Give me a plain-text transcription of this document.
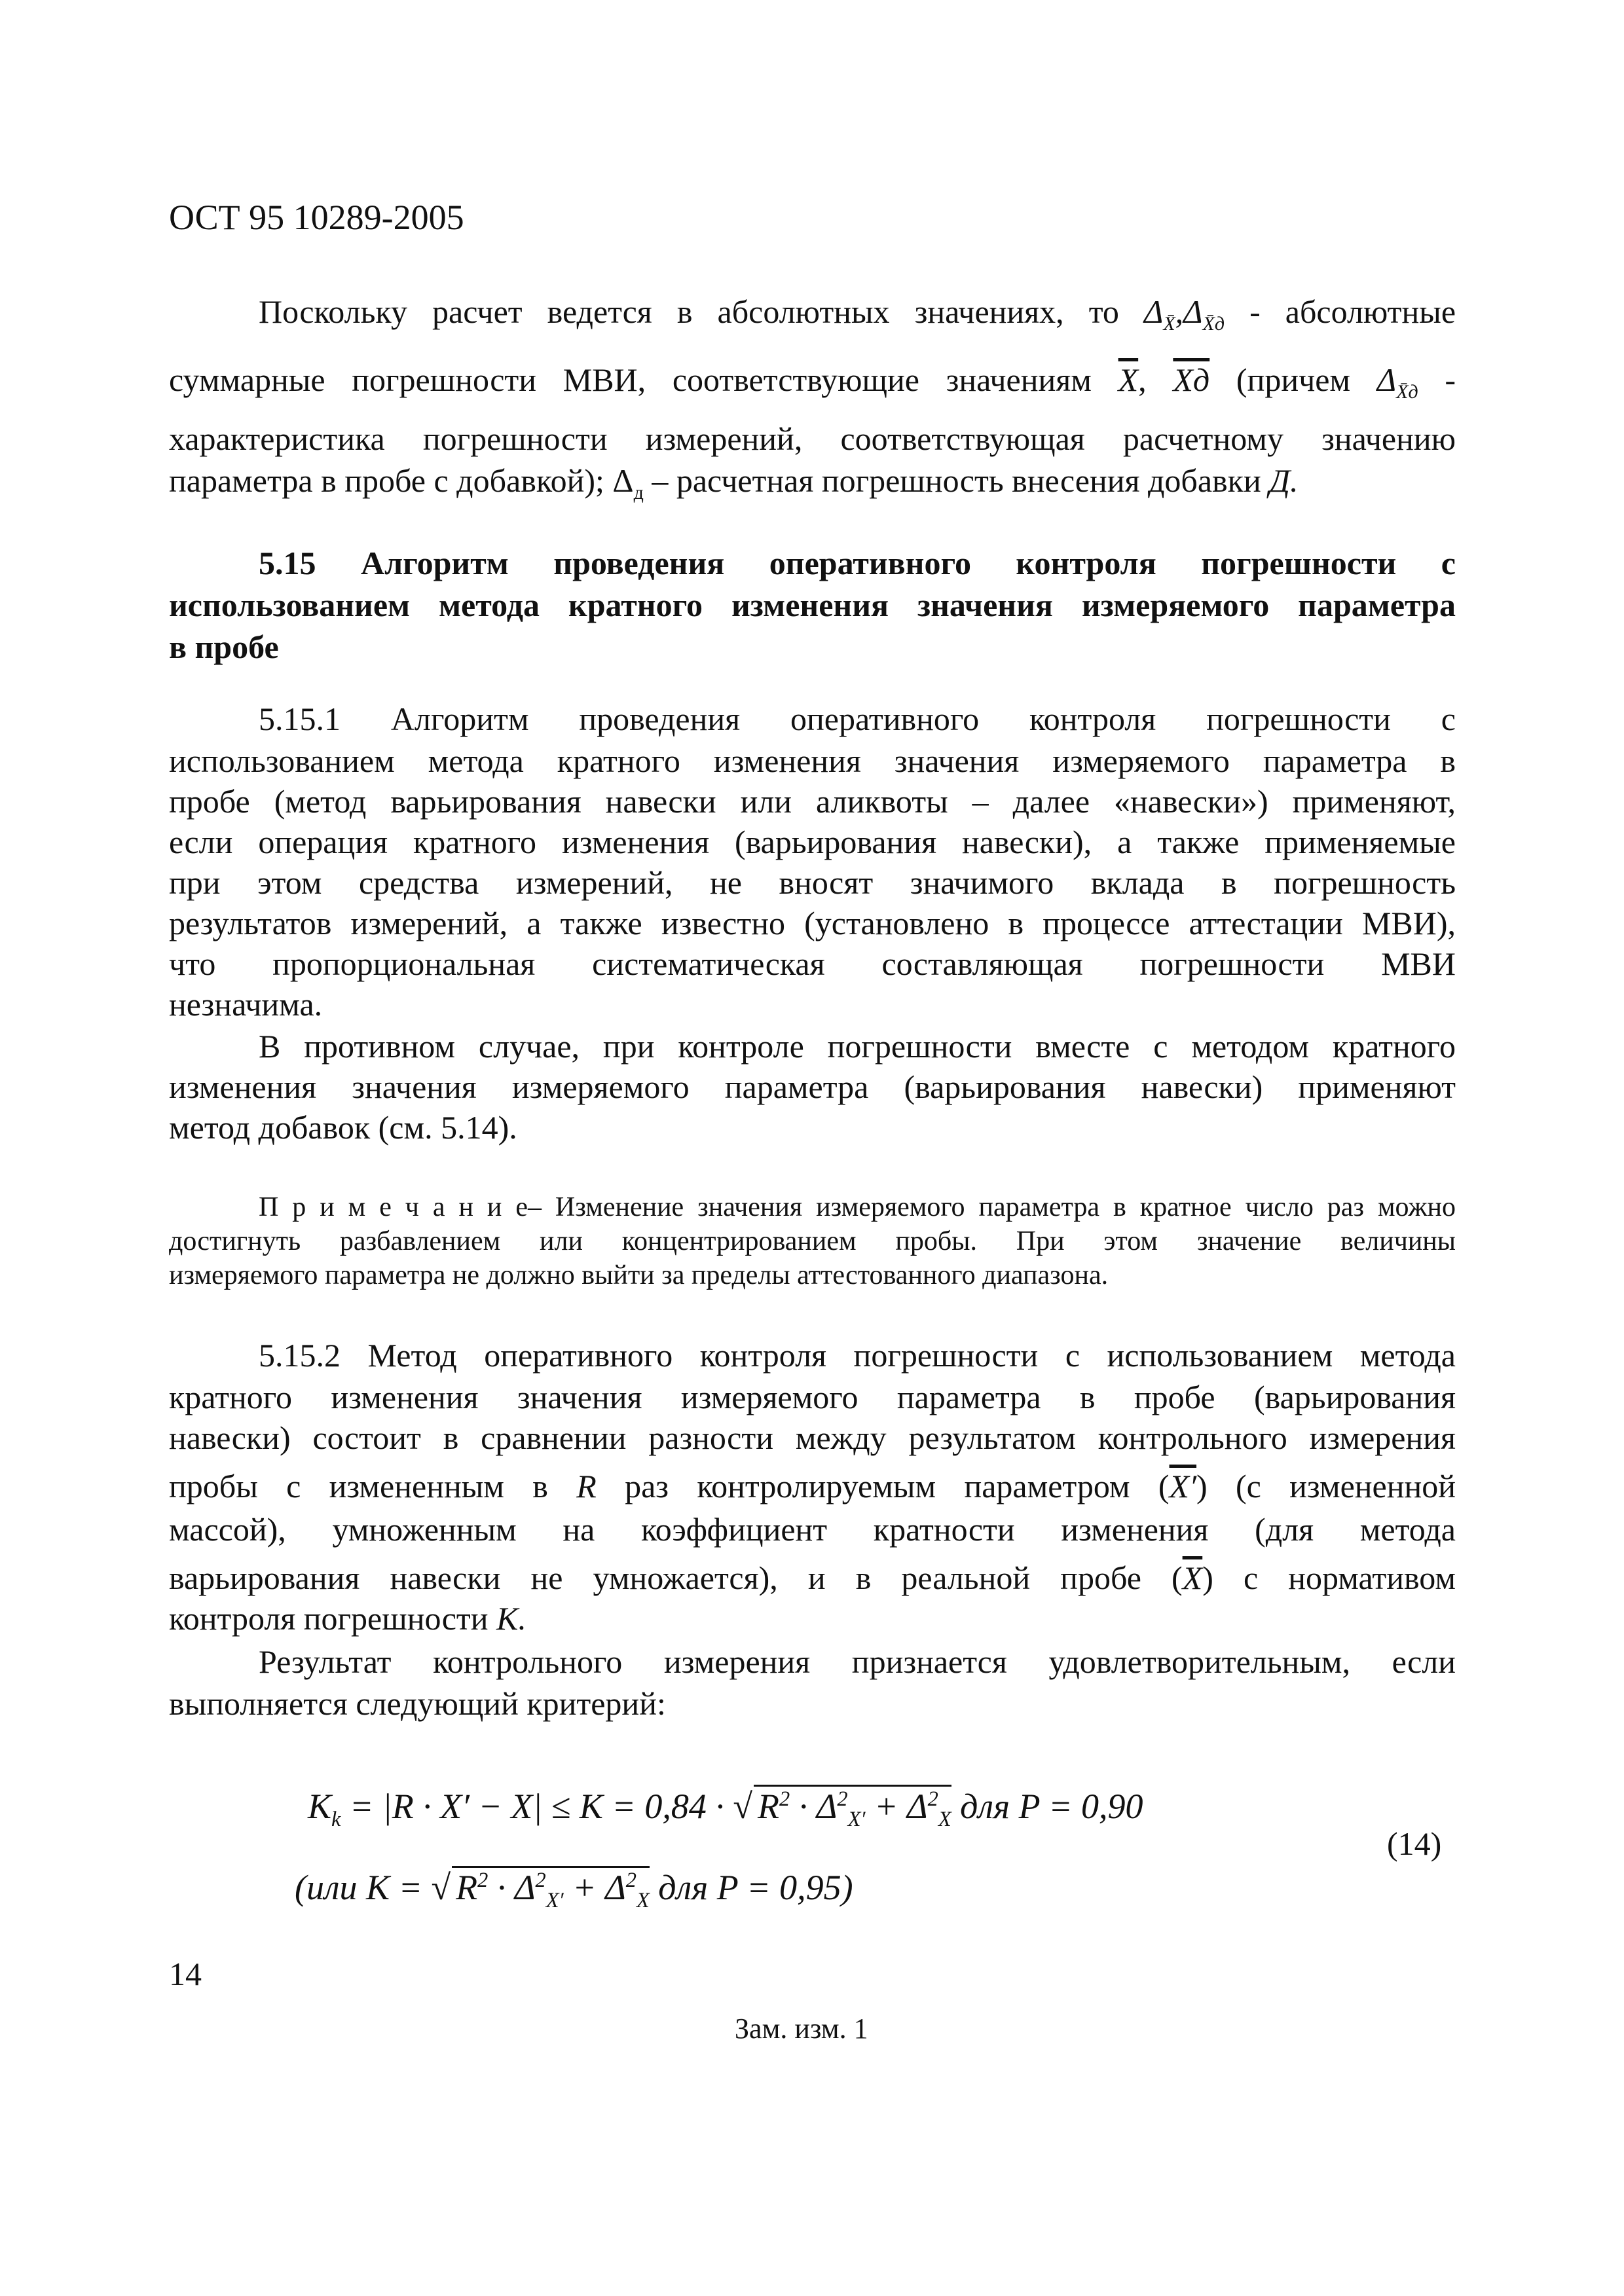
ОСТ 95 10289-2005
Поскольку расчет ведется в абсолютных значениях, то $\Delta_{X̄},\Delta_{X̄д}$ - абсолютные
суммарные погрешности МВИ, соответствующие значениям $\overline{X}$, Xд (причем $\Delta_{X̄д}$ -
характеристика погрешности измерений, соответствующая расчетному значению
параметра в пробе с добавкой); $\Delta_д$ – расчетная погрешность внесения добавки Д.
5.15 Алгоритм проведения оперативного контроля погрешности с
использованием метода кратного изменения значения измеряемого параметра
в пробе
5.15.1 Алгоритм проведения оперативного контроля погрешности с
использованием метода кратного изменения значения измеряемого параметра в
пробе (метод варьирования навески или аликвоты – далее «навески») применяют,
если операция кратного изменения (варьирования навески), а также применяемые
при этом средства измерений, не вносят значимого вклада в погрешность
результатов измерений, а также известно (установлено в процессе аттестации МВИ),
что пропорциональная систематическая составляющая погрешности МВИ
незначима.
В противном случае, при контроле погрешности вместе с методом кратного
изменения значения измеряемого параметра (варьирования навески) применяют
метод добавок (см. 5.14).
П р и м е ч а н и е– Изменение значения измеряемого параметра в кратное число раз можно
достигнуть разбавлением или концентрированием пробы. При этом значение величины
измеряемого параметра не должно выйти за пределы аттестованного диапазона.
5.15.2 Метод оперативного контроля погрешности с использованием метода
кратного изменения значения измеряемого параметра в пробе (варьирования
навески) состоит в сравнении разности между результатом контрольного измерения
пробы с измененным в R раз контролируемым параметром (X′) (с измененной
массой), умноженным на коэффициент кратности изменения (для метода
варьирования навески не умножается), и в реальной пробе $(\overline{X})$ с нормативом
контроля погрешности K.
Результат контрольного измерения признается удовлетворительным, если
выполняется следующий критерий:
$K_k = |R \cdot X' - X| \le K = 0,84$ · √ $R^2 \cdot \Delta^2_{X'} + \Delta^2_X$ для P = 0,90
(или K = √ $R^2 \cdot \Delta^2_{X'} + \Delta^2_X$ для P = 0,95)
(14)
14
Зам. изм. 1
